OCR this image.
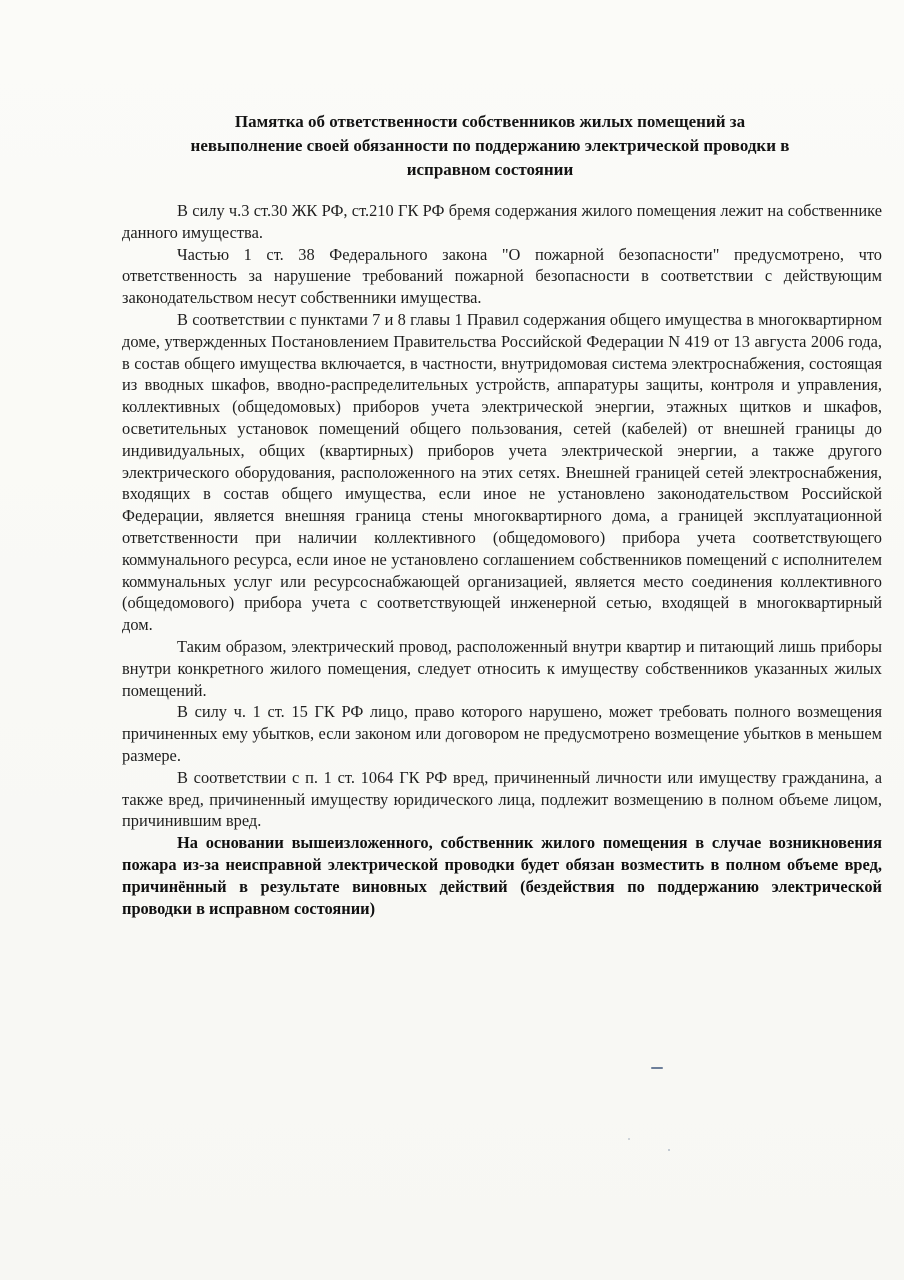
Памятка об ответственности собственников жилых помещений за
невыполнение своей обязанности по поддержанию электрической проводки в
исправном состоянии

В силу ч.3 ст.30 ЖК РФ, ст.210 ГК РФ бремя содержания жилого помещения лежит на собственнике данного имущества.

Частью 1 ст. 38 Федерального закона "О пожарной безопасности" предусмотрено, что ответственность за нарушение требований пожарной безопасности в соответствии с действующим законодательством несут собственники имущества.

В соответствии с пунктами 7 и 8 главы 1 Правил содержания общего имущества в многоквартирном доме, утвержденных Постановлением Правительства Российской Федерации N 419 от 13 августа 2006 года, в состав общего имущества включается, в частности, внутридомовая система электроснабжения, состоящая из вводных шкафов, вводно-распределительных устройств, аппаратуры защиты, контроля и управления, коллективных (общедомовых) приборов учета электрической энергии, этажных щитков и шкафов, осветительных установок помещений общего пользования, сетей (кабелей) от внешней границы до индивидуальных, общих (квартирных) приборов учета электрической энергии, а также другого электрического оборудования, расположенного на этих сетях. Внешней границей сетей электроснабжения, входящих в состав общего имущества, если иное не установлено законодательством Российской Федерации, является внешняя граница стены многоквартирного дома, а границей эксплуатационной ответственности при наличии коллективного (общедомового) прибора учета соответствующего коммунального ресурса, если иное не установлено соглашением собственников помещений с исполнителем коммунальных услуг или ресурсоснабжающей организацией, является место соединения коллективного (общедомового) прибора учета с соответствующей инженерной сетью, входящей в многоквартирный
дом.

Таким образом, электрический провод, расположенный внутри квартир и питающий лишь приборы внутри конкретного жилого помещения, следует относить к имуществу собственников указанных жилых помещений.

В силу ч. 1 ст. 15 ГК РФ лицо, право которого нарушено, может требовать полного возмещения причиненных ему убытков, если законом или договором не предусмотрено возмещение убытков в меньшем размере.

В соответствии с п. 1 ст. 1064 ГК РФ вред, причиненный личности или имуществу гражданина, а также вред, причиненный имуществу юридического лица, подлежит возмещению в полном объеме лицом, причинившим вред.

На основании вышеизложенного, собственник жилого помещения в случае возникновения пожара из-за неисправной электрической проводки будет обязан возместить в полном объеме вред, причинённый в результате виновных действий (бездействия по поддержанию электрической проводки в исправном состоянии)
